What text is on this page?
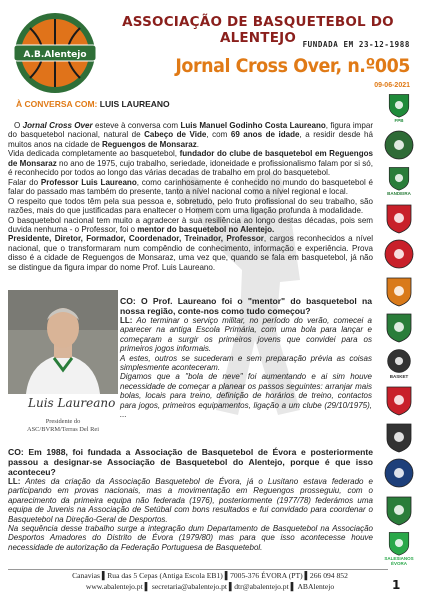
A.B.Alentejo
ASSOCIAÇÃO DE BASQUETEBOL DO ALENTEJO FUNDADA EM 23-12-1988
Jornal Cross Over, n.º005
09-06-2021
À CONVERSA COM: LUIS LAUREANO

O Jornal Cross Over esteve à conversa com Luis Manuel Godinho Costa Laureano, figura impar do basquetebol nacional, natural de Cabeço de Vide, com 69 anos de idade, a residir desde há muitos anos na cidade de Reguengos de Monsaraz.

Vida dedicada completamente ao basquetebol, fundador do clube de basquetebol em Reguengos de Monsaraz no ano de 1975, cujo trabalho, seriedade, idoneidade e profissionalismo falam por si só, é reconhecido por todos ao longo das várias decadas de trabalho em prol do basquetebol.

Falar do Professor Luis Laureano, como carinhosamente é conhecido no mundo do basquetebol é falar do passado mas também do presente, tanto a nível nacional como a nível regional e local.

O respeito que todos têm pela sua pessoa e, sobretudo, pelo fruto profissional do seu trabalho, são razões, mais do que justificadas para enaltecer o Homem com uma ligação profunda à modalidade.

O basquetebol nacional tem muito a agradecer à sua resiliência ao longo destas décadas, pois sem duvida nenhuma - o Professor, foi o mentor do basquetebol no Alentejo.

Presidente, Diretor, Formador, Coordenador, Treinador, Professor, cargos reconhecidos a nível nacional, que o transformaram num compêndio de conhecimento, informação e experiência. Prova disso é a cidade de Reguengos de Monsaraz, uma vez que, quando se fala em basquetebol, já não se distingue da figura impar do nome Prof. Luis Laureano.

Luis Laureano
Presidente do
ASC/BVRM/Terras Del Rei

CO: O Prof. Laureano foi o "mentor" do basquetebol na nossa região, conte-nos como tudo começou?

LL: Ao terminar o serviço militar, no período do verão, comecei a aparecer na antiga Escola Primária, com uma bola para lançar e começaram a surgir os primeiros jovens que convidei para os primeiros jogos informais.

A estes, outros se sucederam e sem preparação prévia as coisas simplesmente aconteceram.

Digamos que a "bola de neve" foi aumentando e ai sim houve necessidade de começar a planear os passos seguintes: arranjar mais bolas, locais para treino, definição de horários de treino, contactos para jogos, primeiros equipamentos, ligação a um clube (29/10/1975), ...

CO: Em 1988, foi fundada a Associação de Basquetebol de Évora e posteriormente passou a designar-se Associação de Basquetebol do Alentejo, porque é que isso aconteceu?

LL: Antes da criação da Associação Basquetebol de Évora, já o Lusitano estava federado e participando em provas nacionais, mas a movimentação em Reguengos prosseguiu, com o aparecimento da primeira equipa não federada (1976), posteriormente (1977/78) federámos uma equipa de Juvenis na Associação de Setúbal com bons resultados e fui convidado para coordenar o Basquetebol na Direção-Geral de Desportos.

Na sequência desse trabalho surge a integração dum Departamento de Basquetebol na Associação Desportos Amadores do Distrito de Évora (1979/80) mas para que isso acontecesse houve necessidade de autorização da Federação Portuguesa de Basquetebol.

FPB
BANDEIRA
BASKET
SALESIANOS ÉVORA
Canavias ▌Rua das 5 Cepas (Antiga Escola EB1) ▌7005-376 ÉVORA (PT) ▌266 094 852
www.abalentejo.pt ▌ secretaria@abalentejo.pt ▌dtr@abalentejo.pt ▌ ABAlentejo	1
